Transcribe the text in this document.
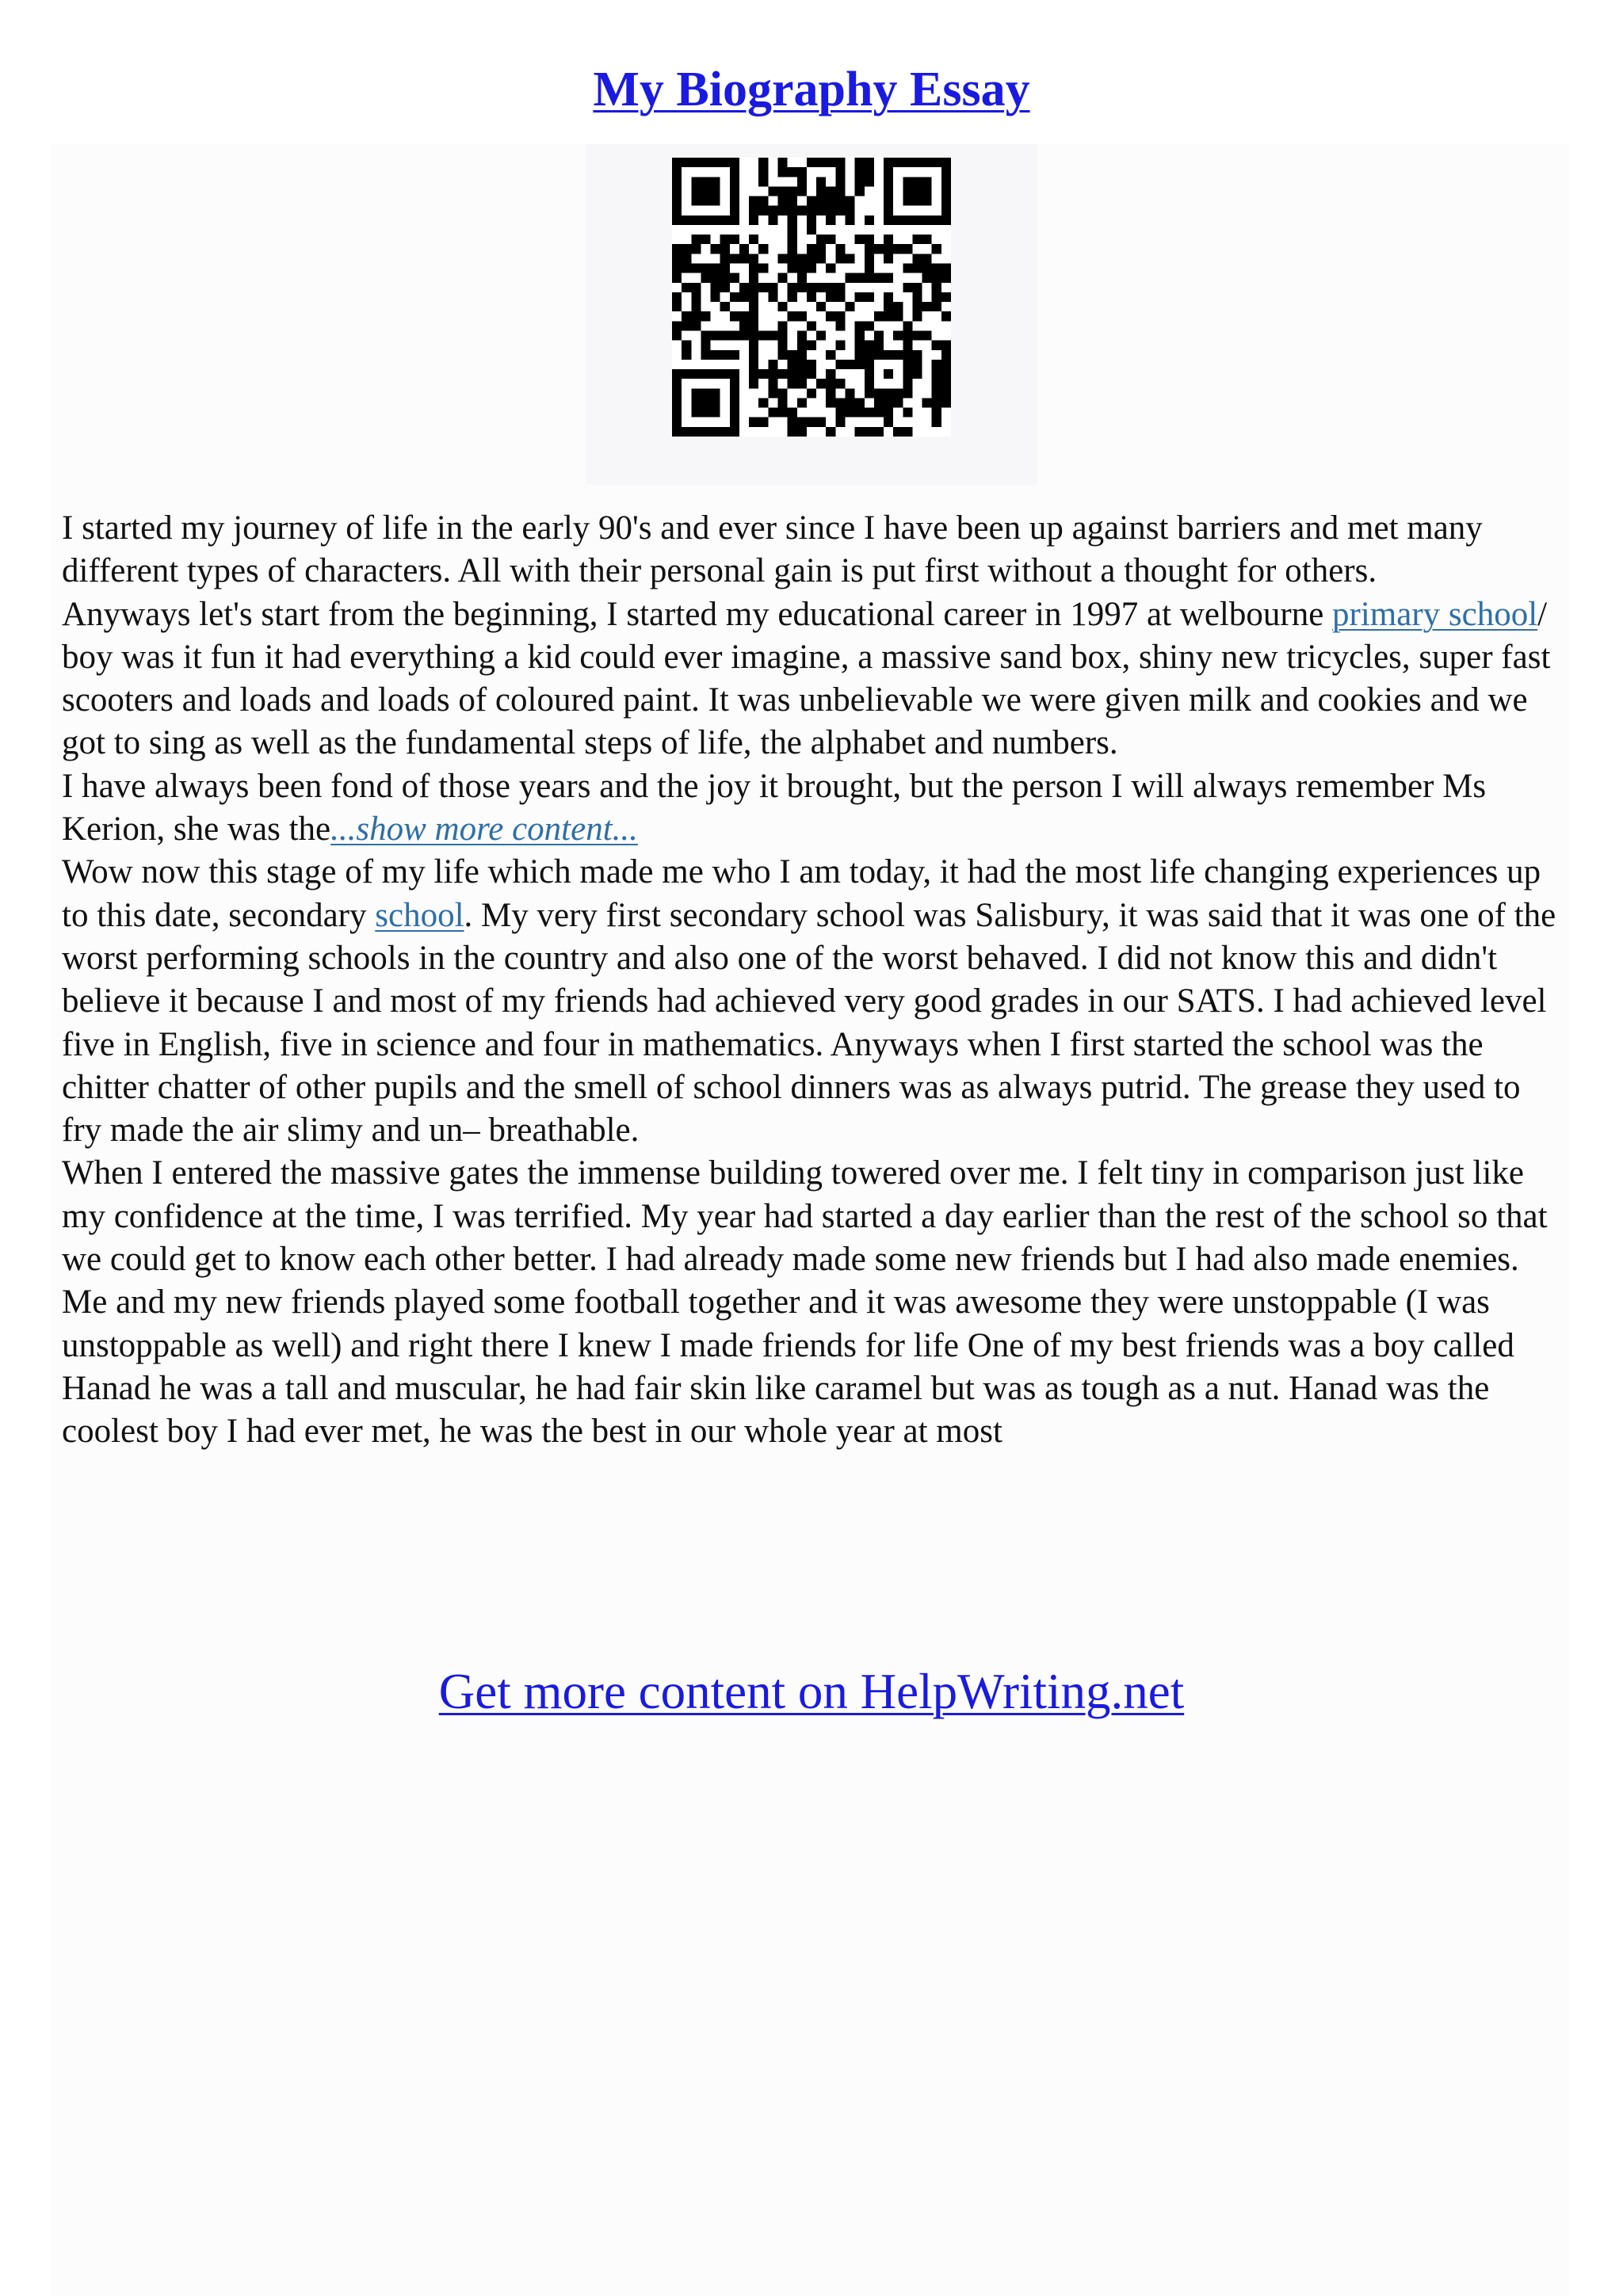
My Biography Essay

I started my journey of life in the early 90's and ever since I have been up against barriers and met many different types of characters. All with their personal gain is put first without a thought for others.

Anyways let's start from the beginning, I started my educational career in 1997 at welbourne primary school/ boy was it fun it had everything a kid could ever imagine, a massive sand box, shiny new tricycles, super fast scooters and loads and loads of coloured paint. It was unbelievable we were given milk and cookies and we got to sing as well as the fundamental steps of life, the alphabet and numbers.

I have always been fond of those years and the joy it brought, but the person I will always remember Ms Kerion, she was the...show more content...

Wow now this stage of my life which made me who I am today, it had the most life changing experiences up to this date, secondary school. My very first secondary school was Salisbury, it was said that it was one of the worst performing schools in the country and also one of the worst behaved. I did not know this and didn't believe it because I and most of my friends had achieved very good grades in our SATS. I had achieved level five in English, five in science and four in mathematics. Anyways when I first started the school was the chitter chatter of other pupils and the smell of school dinners was as always putrid. The grease they used to fry made the air slimy and un– breathable.

When I entered the massive gates the immense building towered over me. I felt tiny in comparison just like my confidence at the time, I was terrified. My year had started a day earlier than the rest of the school so that we could get to know each other better. I had already made some new friends but I had also made enemies. Me and my new friends played some football together and it was awesome they were unstoppable (I was unstoppable as well) and right there I knew I made friends for life One of my best friends was a boy called Hanad he was a tall and muscular, he had fair skin like caramel but was as tough as a nut. Hanad was the coolest boy I had ever met, he was the best in our whole year at most

Get more content on HelpWriting.net
